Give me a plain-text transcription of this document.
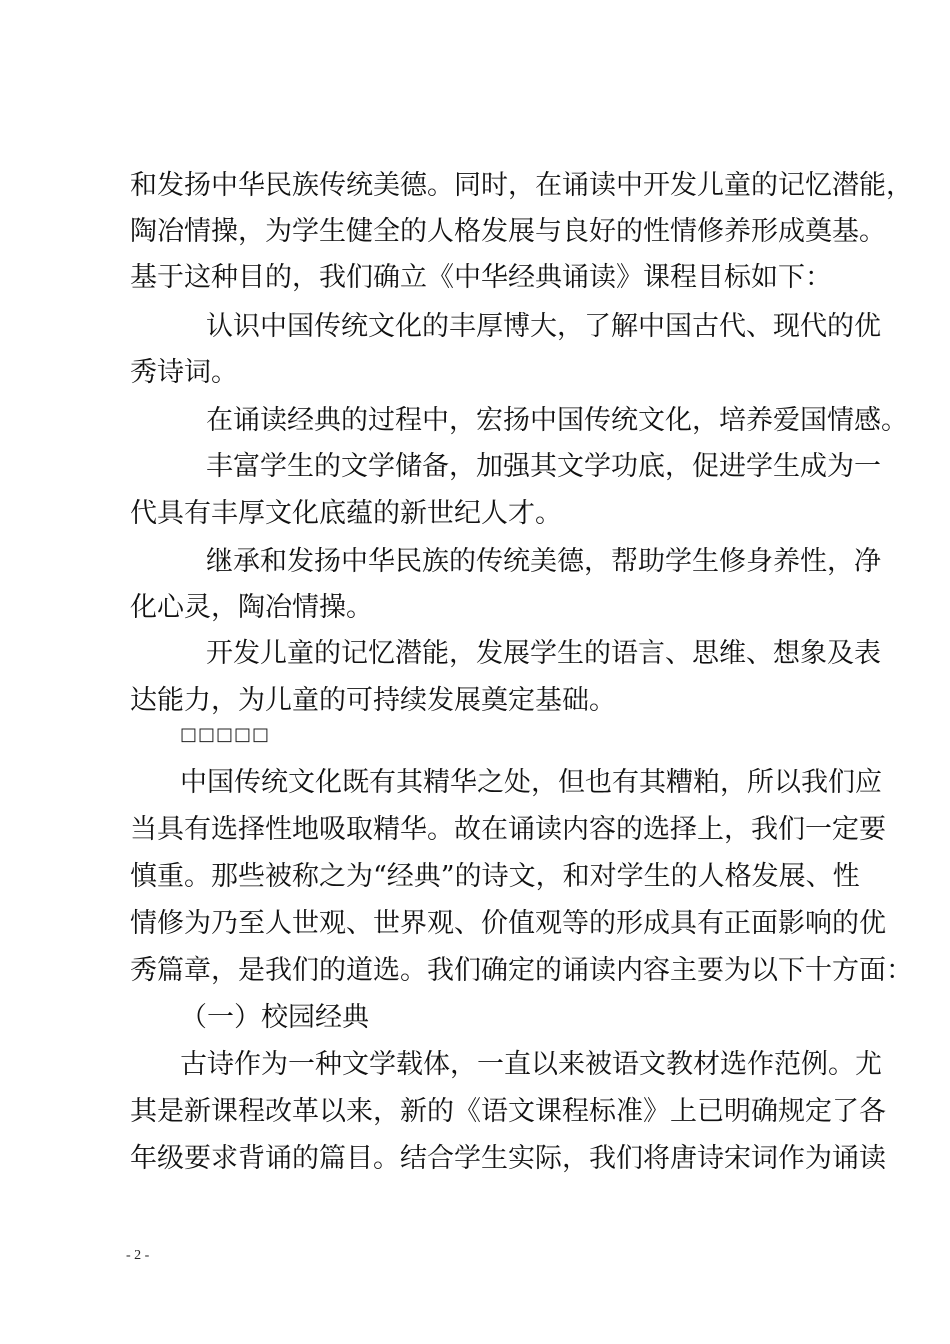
和发扬中华民族传统美德。同时，在诵读中开发儿童的记忆潜能，
陶冶情操，为学生健全的人格发展与良好的性情修养形成奠基。
基于这种目的，我们确立《中华经典诵读》课程目标如下：
认识中国传统文化的丰厚博大，了解中国古代、现代的优
秀诗词。
在诵读经典的过程中，宏扬中国传统文化，培养爱国情感。
丰富学生的文学储备，加强其文学功底，促进学生成为一
代具有丰厚文化底蕴的新世纪人才。
继承和发扬中华民族的传统美德，帮助学生修身养性，净
化心灵，陶冶情操。
开发儿童的记忆潜能，发展学生的语言、思维、想象及表
达能力，为儿童的可持续发展奠定基础。
□□□□□
中国传统文化既有其精华之处，但也有其糟粕，所以我们应
当具有选择性地吸取精华。故在诵读内容的选择上，我们一定要
慎重。那些被称之为“经典”的诗文，和对学生的人格发展、性
情修为乃至人世观、世界观、价值观等的形成具有正面影响的优
秀篇章，是我们的道选。我们确定的诵读内容主要为以下十方面：
（一）校园经典
古诗作为一种文学载体，一直以来被语文教材选作范例。尤
其是新课程改革以来，新的《语文课程标准》上已明确规定了各
年级要求背诵的篇目。结合学生实际，我们将唐诗宋词作为诵读
- 2 -
